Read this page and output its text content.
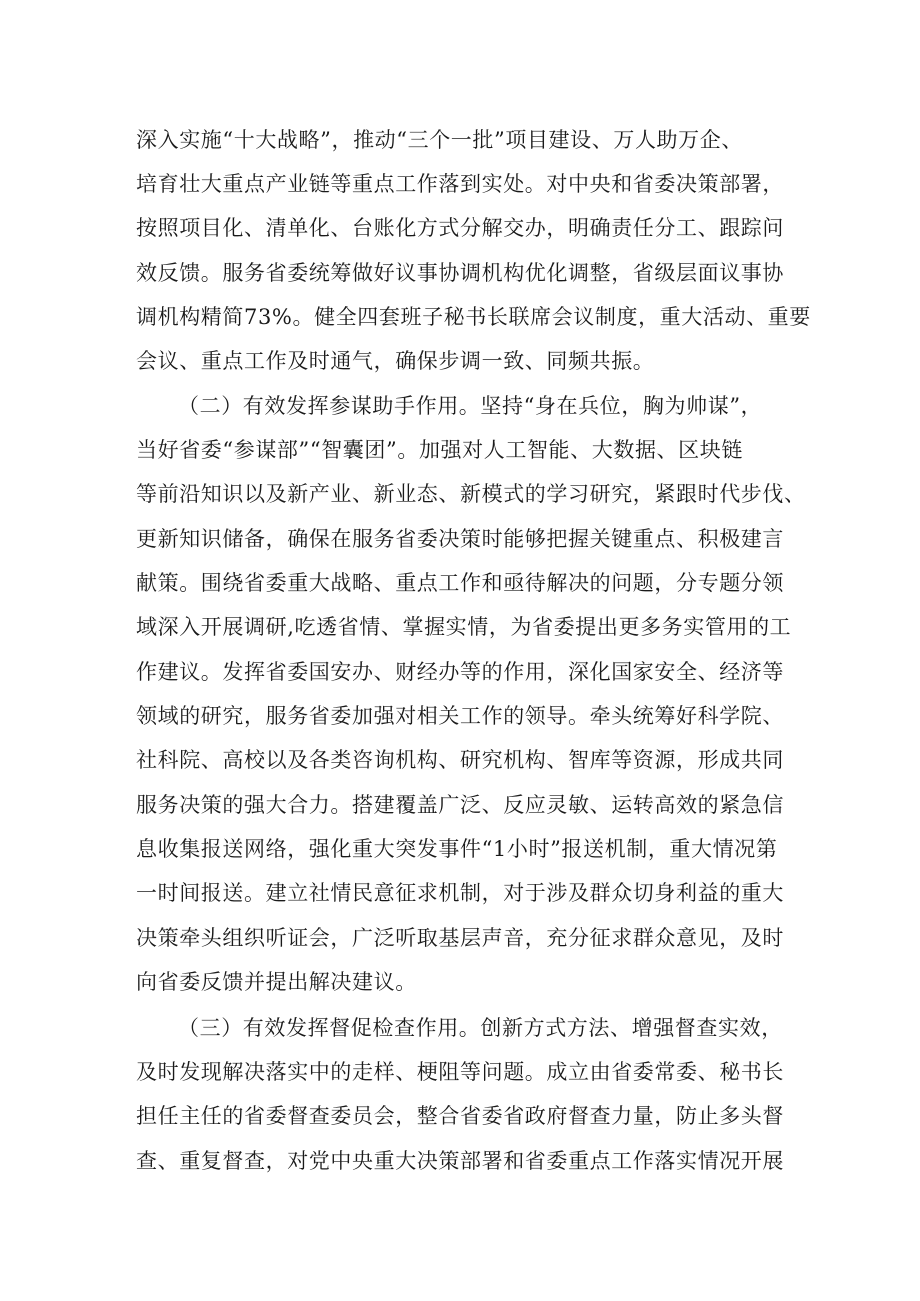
深入实施“十大战略”，推动“三个一批”项目建设、万人助万企、
培育壮大重点产业链等重点工作落到实处。对中央和省委决策部署，
按照项目化、清单化、台账化方式分解交办，明确责任分工、跟踪问
效反馈。服务省委统筹做好议事协调机构优化调整，省级层面议事协
调机构精简73%。健全四套班子秘书长联席会议制度，重大活动、重要
会议、重点工作及时通气，确保步调一致、同频共振。
（二）有效发挥参谋助手作用。坚持“身在兵位，胸为帅谋”，
当好省委“参谋部”“智囊团”。加强对人工智能、大数据、区块链
等前沿知识以及新产业、新业态、新模式的学习研究，紧跟时代步伐、
更新知识储备，确保在服务省委决策时能够把握关键重点、积极建言
献策。围绕省委重大战略、重点工作和亟待解决的问题，分专题分领
域深入开展调研,吃透省情、掌握实情，为省委提出更多务实管用的工
作建议。发挥省委国安办、财经办等的作用，深化国家安全、经济等
领域的研究，服务省委加强对相关工作的领导。牵头统筹好科学院、
社科院、高校以及各类咨询机构、研究机构、智库等资源，形成共同
服务决策的强大合力。搭建覆盖广泛、反应灵敏、运转高效的紧急信
息收集报送网络，强化重大突发事件“1小时”报送机制，重大情况第
一时间报送。建立社情民意征求机制，对于涉及群众切身利益的重大
决策牵头组织听证会，广泛听取基层声音，充分征求群众意见，及时
向省委反馈并提出解决建议。
（三）有效发挥督促检查作用。创新方式方法、增强督查实效，
及时发现解决落实中的走样、梗阻等问题。成立由省委常委、秘书长
担任主任的省委督查委员会，整合省委省政府督查力量，防止多头督
查、重复督查，对党中央重大决策部署和省委重点工作落实情况开展
